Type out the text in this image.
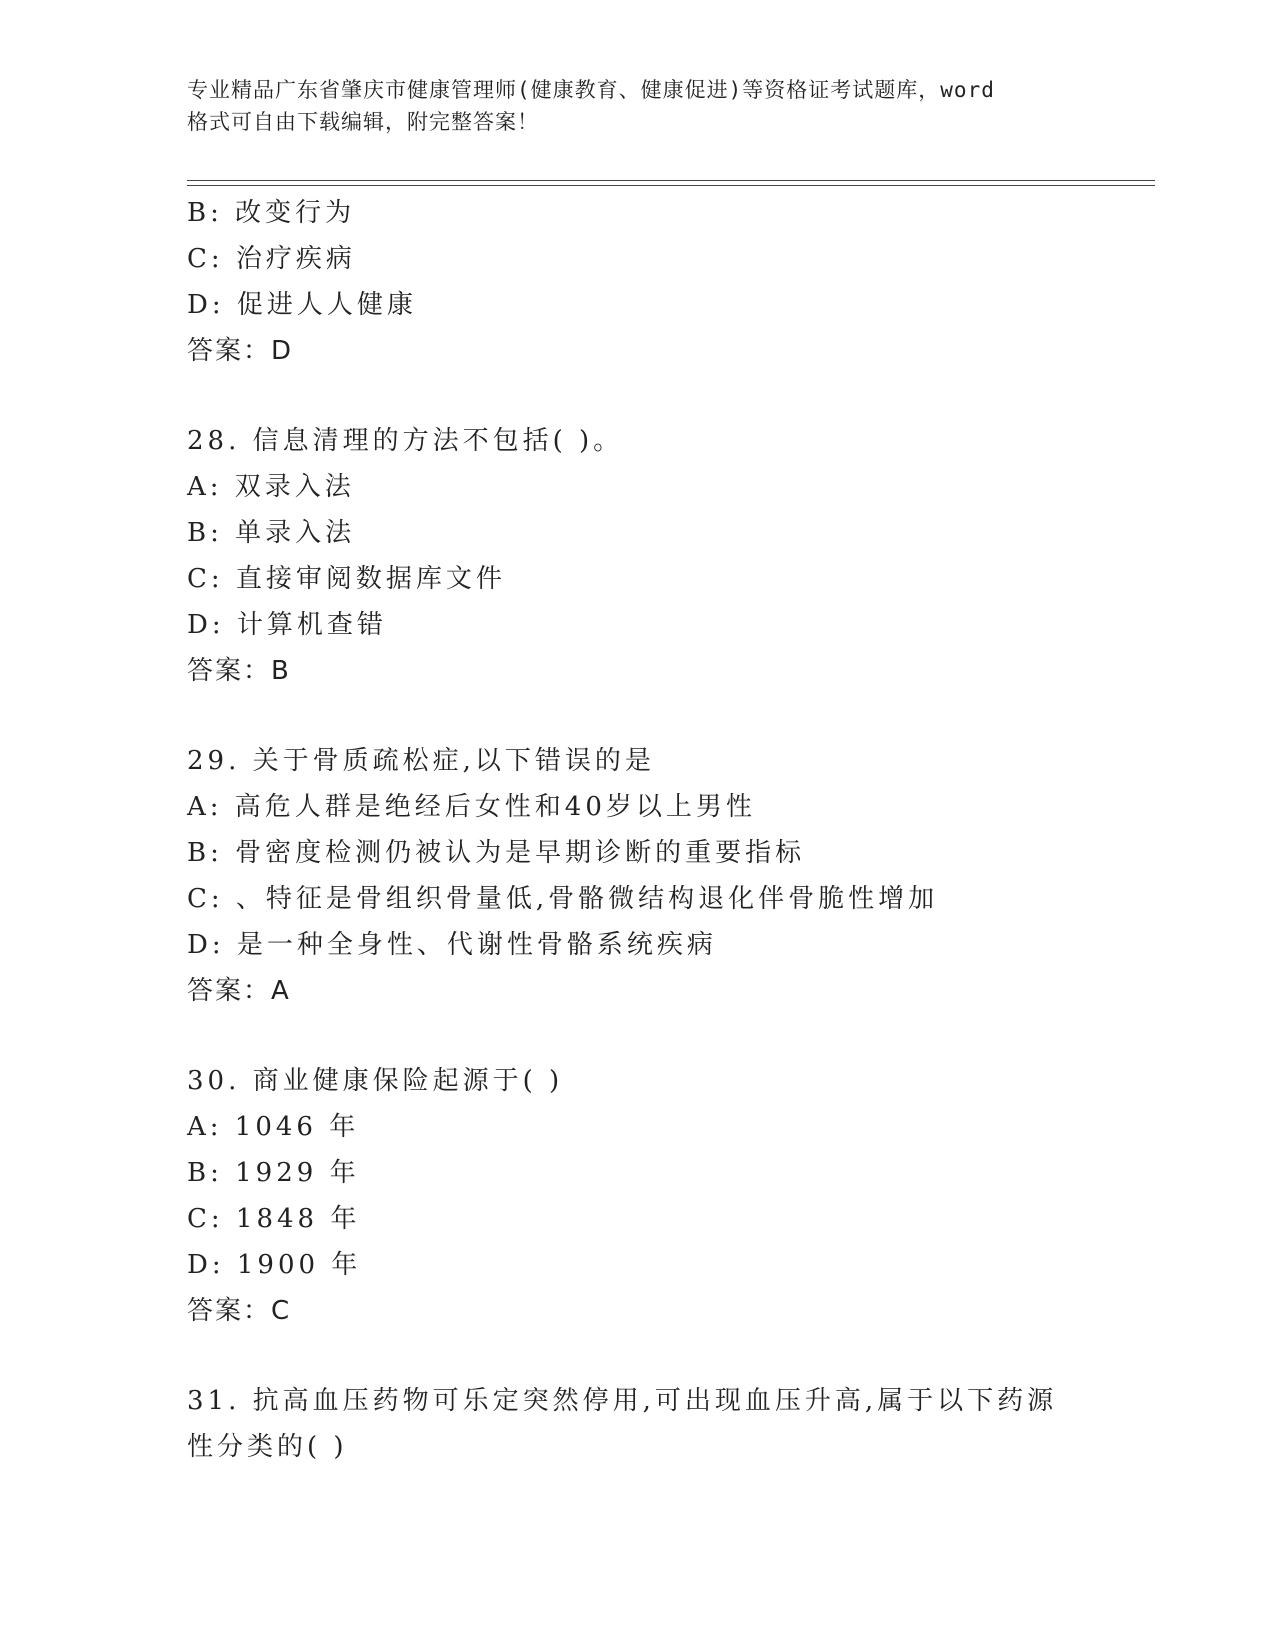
专业精品广东省肇庆市健康管理师(健康教育、健康促进)等资格证考试题库，word
格式可自由下载编辑，附完整答案！
B: 改变行为
C: 治疗疾病
D: 促进人人健康
答案：D
28. 信息清理的方法不包括( )。
A: 双录入法
B: 单录入法
C: 直接审阅数据库文件
D: 计算机查错
答案：B
29. 关于骨质疏松症,以下错误的是
A: 高危人群是绝经后女性和40岁以上男性
B: 骨密度检测仍被认为是早期诊断的重要指标
C: 、特征是骨组织骨量低,骨骼微结构退化伴骨脆性增加
D: 是一种全身性、代谢性骨骼系统疾病
答案：A
30. 商业健康保险起源于( )
A: 1046 年
B: 1929 年
C: 1848 年
D: 1900 年
答案：C
31. 抗高血压药物可乐定突然停用,可出现血压升高,属于以下药源性分类的( )
